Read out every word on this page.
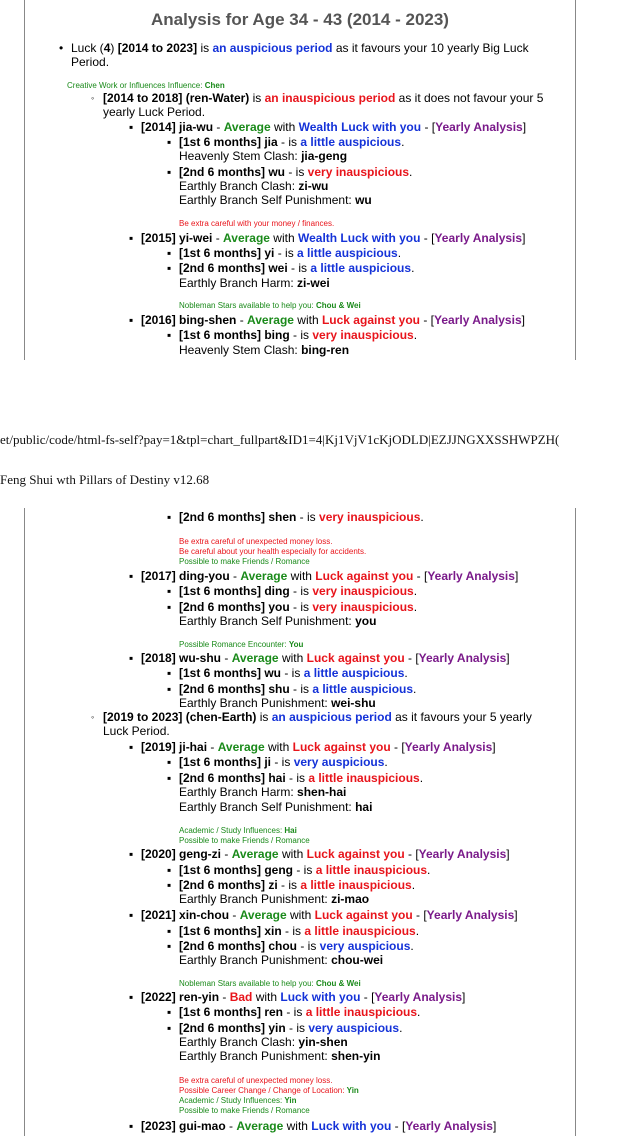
Analysis for Age 34 - 43 (2014 - 2023)
• Luck (4) [2014 to 2023] is an auspicious period as it favours your 10 yearly Big Luck
Period.
Creative Work or Influences Influence: Chen
◦ [2014 to 2018] (ren-Water) is an inauspicious period as it does not favour your 5
yearly Luck Period.
▪ [2014] jia-wu - Average with Wealth Luck with you - [Yearly Analysis]
▪ [1st 6 months] jia - is a little auspicious.
Heavenly Stem Clash: jia-geng
▪ [2nd 6 months] wu - is very inauspicious.
Earthly Branch Clash: zi-wu
Earthly Branch Self Punishment: wu
Be extra careful with your money / finances.
▪ [2015] yi-wei - Average with Wealth Luck with you - [Yearly Analysis]
▪ [1st 6 months] yi - is a little auspicious.
▪ [2nd 6 months] wei - is a little auspicious.
Earthly Branch Harm: zi-wei
Nobleman Stars available to help you: Chou & Wei
▪ [2016] bing-shen - Average with Luck against you - [Yearly Analysis]
▪ [1st 6 months] bing - is very inauspicious.
Heavenly Stem Clash: bing-ren
et/public/code/html-fs-self?pay=1&tpl=chart_fullpart&ID1=4|Kj1VjV1cKjODLD|EZJJNGXXSSHWPZH(
Feng Shui wth Pillars of Destiny v12.68
▪ [2nd 6 months] shen - is very inauspicious.
Be extra careful of unexpected money loss.
Be careful about your health especially for accidents.
Possible to make Friends / Romance
▪ [2017] ding-you - Average with Luck against you - [Yearly Analysis]
▪ [1st 6 months] ding - is very inauspicious.
▪ [2nd 6 months] you - is very inauspicious.
Earthly Branch Self Punishment: you
Possible Romance Encounter: You
▪ [2018] wu-shu - Average with Luck against you - [Yearly Analysis]
▪ [1st 6 months] wu - is a little auspicious.
▪ [2nd 6 months] shu - is a little auspicious.
Earthly Branch Punishment: wei-shu
◦ [2019 to 2023] (chen-Earth) is an auspicious period as it favours your 5 yearly
Luck Period.
▪ [2019] ji-hai - Average with Luck against you - [Yearly Analysis]
▪ [1st 6 months] ji - is very auspicious.
▪ [2nd 6 months] hai - is a little inauspicious.
Earthly Branch Harm: shen-hai
Earthly Branch Self Punishment: hai
Academic / Study Influences: Hai
Possible to make Friends / Romance
▪ [2020] geng-zi - Average with Luck against you - [Yearly Analysis]
▪ [1st 6 months] geng - is a little inauspicious.
▪ [2nd 6 months] zi - is a little inauspicious.
Earthly Branch Punishment: zi-mao
▪ [2021] xin-chou - Average with Luck against you - [Yearly Analysis]
▪ [1st 6 months] xin - is a little inauspicious.
▪ [2nd 6 months] chou - is very auspicious.
Earthly Branch Punishment: chou-wei
Nobleman Stars available to help you: Chou & Wei
▪ [2022] ren-yin - Bad with Luck with you - [Yearly Analysis]
▪ [1st 6 months] ren - is a little inauspicious.
▪ [2nd 6 months] yin - is very auspicious.
Earthly Branch Clash: yin-shen
Earthly Branch Punishment: shen-yin
Be extra careful of unexpected money loss.
Possible Career Change / Change of Location: Yin
Academic / Study Influences: Yin
Possible to make Friends / Romance
▪ [2023] gui-mao - Average with Luck with you - [Yearly Analysis]
